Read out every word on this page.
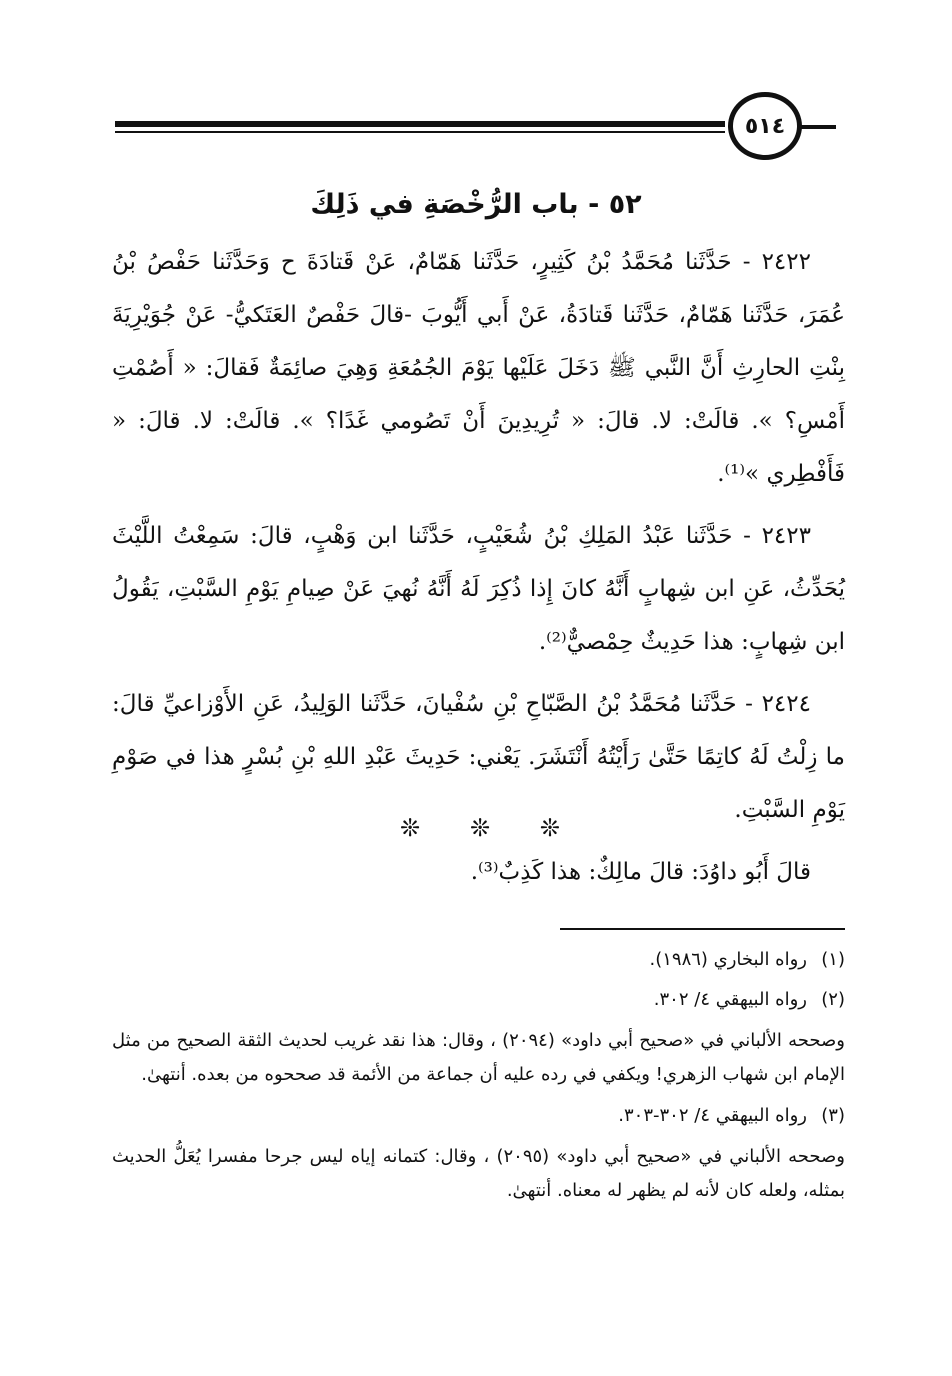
٥١٤
٥٢ - باب الرُّخْصَةِ في ذَلِكَ

٢٤٢٢ - حَدَّثَنا مُحَمَّدُ بْنُ كَثِيرٍ، حَدَّثَنا هَمّامٌ، عَنْ قَتادَةَ ح وَحَدَّثَنا حَفْصُ بْنُ عُمَرَ، حَدَّثَنا هَمّامٌ، حَدَّثَنا قَتادَةُ، عَنْ أَبي أَيُّوبَ -قالَ حَفْصٌ العَتَكيُّ- عَنْ جُوَيْرِيَةَ بِنْتِ الحارِثِ أَنَّ النَّبي ﷺ دَخَلَ عَلَيْها يَوْمَ الجُمُعَةِ وَهِيَ صائِمَةٌ فَقالَ: « أَصُمْتِ أَمْسِ؟ ». قالَتْ: لا. قالَ: « تُرِيدِينَ أَنْ تَصُومي غَدًا؟ ». قالَتْ: لا. قالَ: « فَأَفْطِري »⁽¹⁾.

٢٤٢٣ - حَدَّثَنا عَبْدُ المَلِكِ بْنُ شُعَيْبٍ، حَدَّثَنا ابن وَهْبٍ، قالَ: سَمِعْتُ اللَّيْثَ يُحَدِّثُ، عَنِ ابن شِهابٍ أَنَّهُ كانَ إِذا ذُكِرَ لَهُ أَنَّهُ نُهيَ عَنْ صِيامِ يَوْمِ السَّبْتِ، يَقُولُ ابن شِهابٍ: هذا حَدِيثٌ حِمْصيٌّ⁽²⁾.

٢٤٢٤ - حَدَّثَنا مُحَمَّدُ بْنُ الصَّبّاحِ بْنِ سُفْيانَ، حَدَّثَنا الوَلِيدُ، عَنِ الأَوْزاعيِّ قالَ: ما زِلْتُ لَهُ كاتِمًا حَتَّىٰ رَأَيْتُهُ أَنْتَشَرَ. يَعْني: حَدِيثَ عَبْدِ اللهِ بْنِ بُسْرٍ هذا في صَوْمِ يَوْمِ السَّبْتِ.

قالَ أَبُو داوُدَ: قالَ مالِكٌ: هذا كَذِبٌ⁽³⁾.

❊
❊
❊
(١)
رواه البخاري (١٩٨٦).
(٢)
رواه البيهقي ٤/ ٣٠٢.

وصححه الألباني في «صحيح أبي داود» (٢٠٩٤) ، وقال: هذا نقد غريب لحديث الثقة الصحيح من مثل الإمام ابن شهاب الزهري! ويكفي في رده عليه أن جماعة من الأئمة قد صححوه من بعده. أنتهىٰ.

(٣)
رواه البيهقي ٤/ ٣٠٢-٣٠٣.

وصححه الألباني في «صحيح أبي داود» (٢٠٩٥) ، وقال: كتمانه إياه ليس جرحا مفسرا يُعَلُّ الحديث بمثله، ولعله كان لأنه لم يظهر له معناه. أنتهىٰ.
